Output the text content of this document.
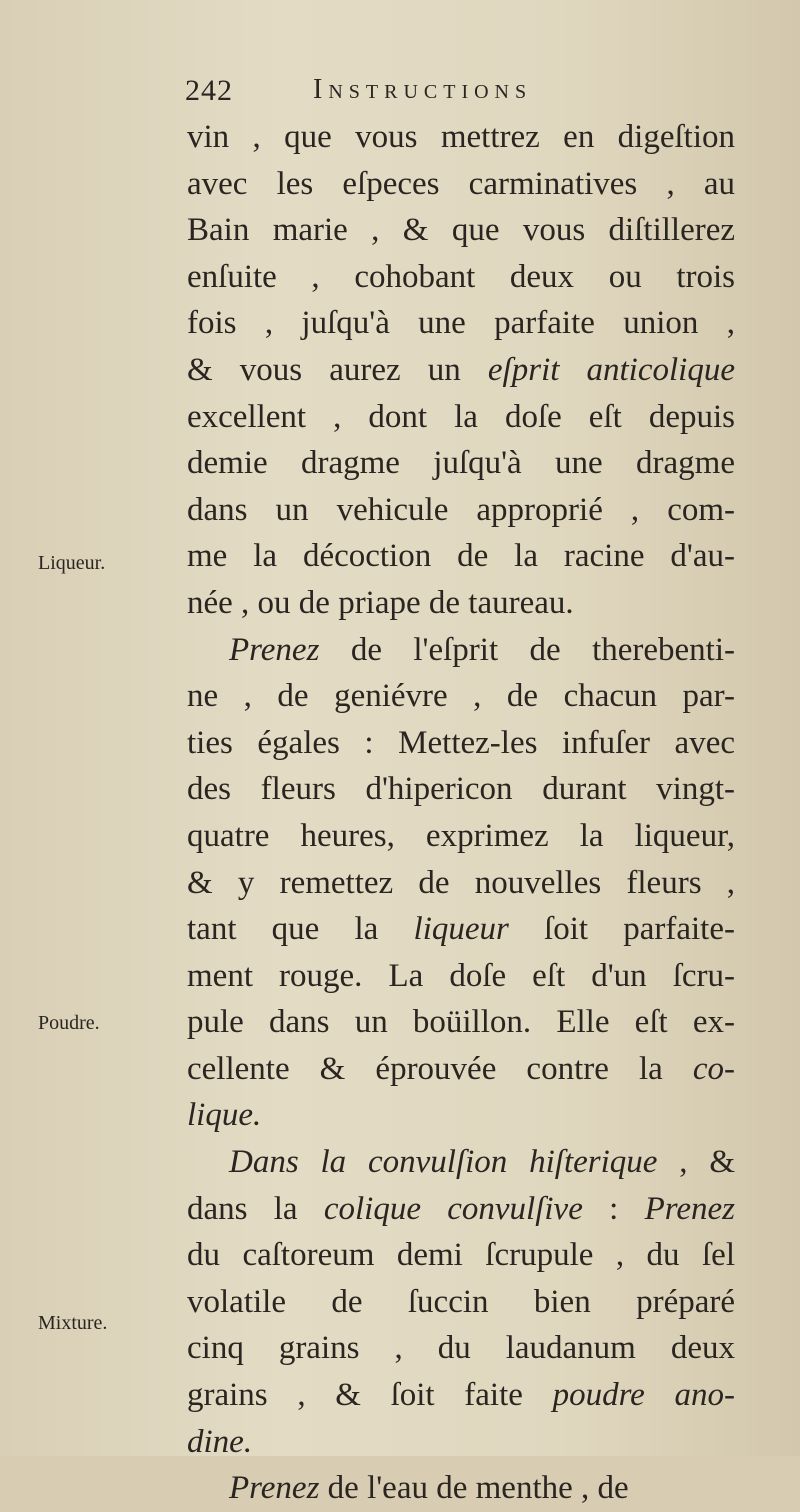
242	Instructions
Liqueur.
Poudre.
Mixture.
vin , que vous mettrez en digeſtion
avec les eſpeces carminatives , au
Bain marie , & que vous diſtillerez
enſuite , cohobant deux ou trois
fois , juſqu'à une parfaite union ,
& vous aurez un eſprit anticolique
excellent , dont la doſe eſt depuis
demie dragme juſqu'à une dragme
dans un vehicule approprié , com-
me la décoction de la racine d'au-
née , ou de priape de taureau.
Prenez de l'eſprit de therebenti-
ne , de geniévre , de chacun par-
ties égales : Mettez-les infuſer avec
des fleurs d'hipericon durant vingt-
quatre heures, exprimez la liqueur,
& y remettez de nouvelles fleurs ,
tant que la liqueur ſoit parfaite-
ment rouge. La doſe eſt d'un ſcru-
pule dans un boüillon. Elle eſt ex-
cellente & éprouvée contre la co-
lique.
Dans la convulſion hiſterique , &
dans la colique convulſive : Prenez
du caſtoreum demi ſcrupule , du ſel
volatile de ſuccin bien préparé
cinq grains , du laudanum deux
grains , & ſoit faite poudre ano-
dine.
Prenez de l'eau de menthe , de
